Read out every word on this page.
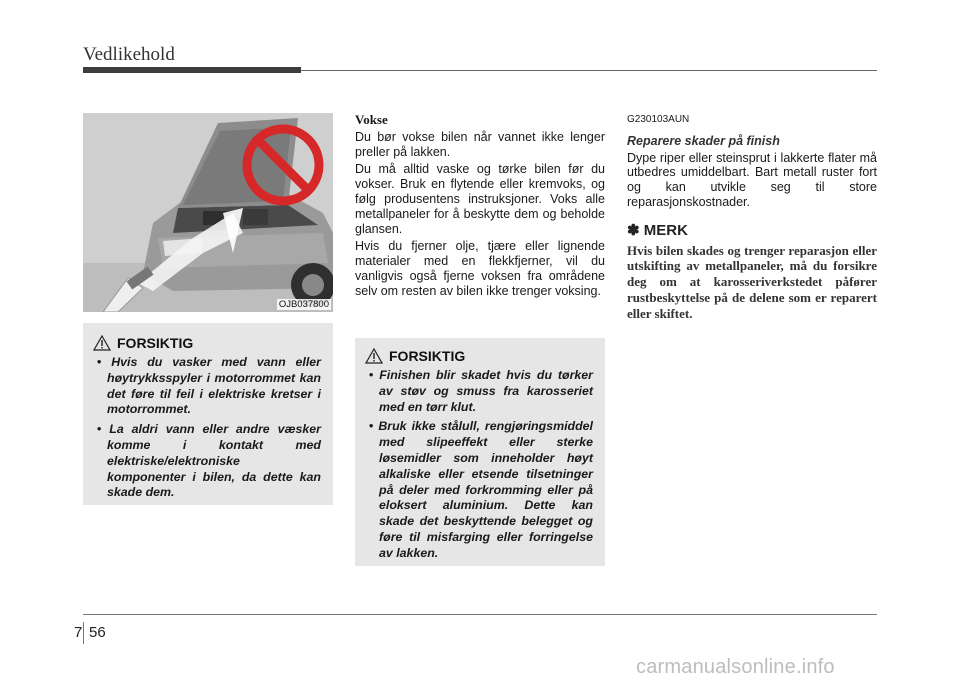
Vedlikehold
OJB037800
FORSIKTIG
• Hvis du vasker med vann eller høytrykksspyler i motorrommet kan det føre til feil i elektriske kretser i motorrommet.
• La aldri vann eller andre væsker komme i kontakt med elektriske/elektroniske komponenter i bilen, da dette kan skade dem.
Vokse

Du bør vokse bilen når vannet ikke lenger preller på lakken.

Du må alltid vaske og tørke bilen før du vokser. Bruk en flytende eller kremvoks, og følg produsentens instruksjoner. Voks alle metallpaneler for å beskytte dem og beholde glansen.

Hvis du fjerner olje, tjære eller lignende materialer med en flekkfjerner, vil du vanligvis også fjerne voksen fra områdene selv om resten av bilen ikke trenger voksing.

FORSIKTIG
• Finishen blir skadet hvis du tørker av støv og smuss fra karosseriet med en tørr klut.
• Bruk ikke stålull, rengjøringsmiddel med slipeeffekt eller sterke løsemidler som inneholder høyt alkaliske eller etsende tilsetninger på deler med forkromming eller på eloksert aluminium. Dette kan skade det beskyttende belegget og føre til misfarging eller forringelse av lakken.
G230103AUN
Reparere skader på finish

Dype riper eller steinsprut i lakkerte flater må utbedres umiddelbart. Bart metall ruster fort og kan utvikle seg til store reparasjonskostnader.

✽ MERK
Hvis bilen skades og trenger reparasjon eller utskifting av metallpaneler, må du forsikre deg om at karosseriverkstedet påfører rustbeskyttelse på de delene som er reparert eller skiftet.
7 56
carmanualsonline.info
